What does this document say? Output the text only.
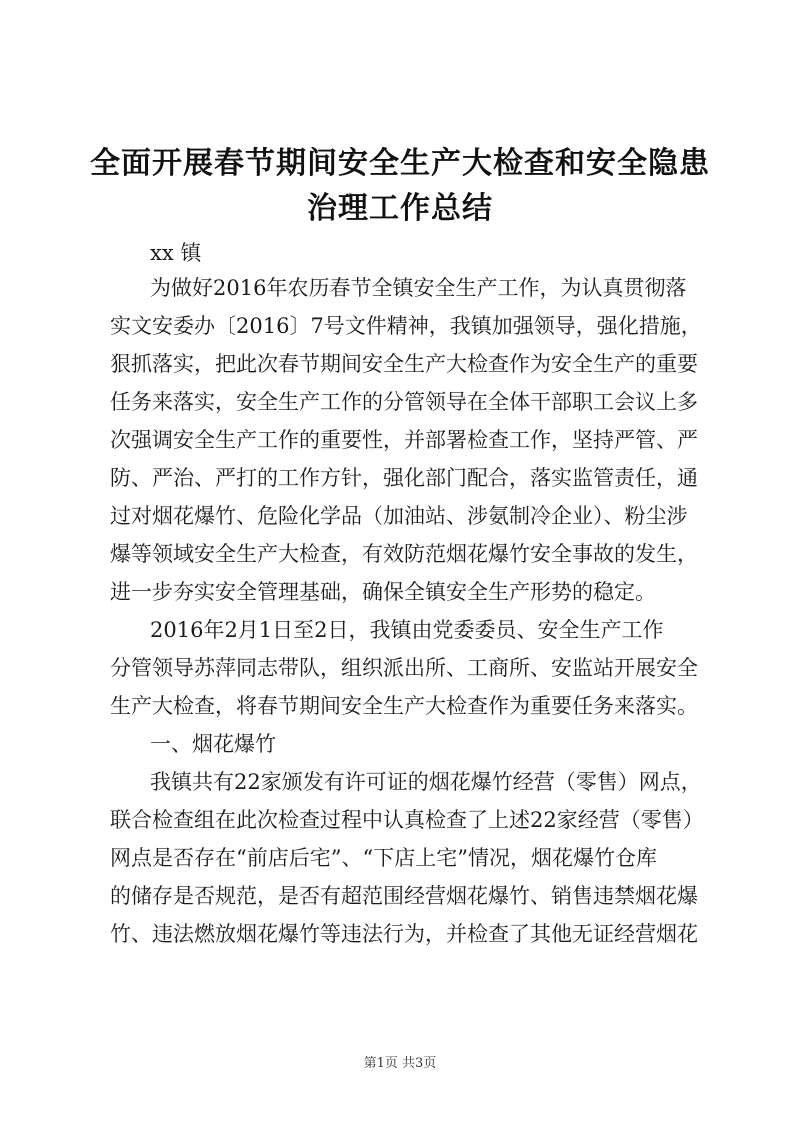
全面开展春节期间安全生产大检查和安全隐患
治理工作总结
xx 镇
为做好2016年农历春节全镇安全生产工作，为认真贯彻落
实文安委办〔2016〕7号文件精神，我镇加强领导，强化措施，
狠抓落实，把此次春节期间安全生产大检查作为安全生产的重要
任务来落实，安全生产工作的分管领导在全体干部职工会议上多
次强调安全生产工作的重要性，并部署检查工作，坚持严管、严
防、严治、严打的工作方针，强化部门配合，落实监管责任，通
过对烟花爆竹、危险化学品（加油站、涉氨制冷企业）、粉尘涉
爆等领域安全生产大检查，有效防范烟花爆竹安全事故的发生，
进一步夯实安全管理基础，确保全镇安全生产形势的稳定。
2016年2月1日至2日，我镇由党委委员、安全生产工作
分管领导苏萍同志带队，组织派出所、工商所、安监站开展安全
生产大检查，将春节期间安全生产大检查作为重要任务来落实。
一、烟花爆竹
我镇共有22家颁发有许可证的烟花爆竹经营（零售）网点，
联合检查组在此次检查过程中认真检查了上述22家经营（零售）
网点是否存在“前店后宅”、“下店上宅”情况，烟花爆竹仓库
的储存是否规范，是否有超范围经营烟花爆竹、销售违禁烟花爆
竹、违法燃放烟花爆竹等违法行为，并检查了其他无证经营烟花
第1页 共3页
